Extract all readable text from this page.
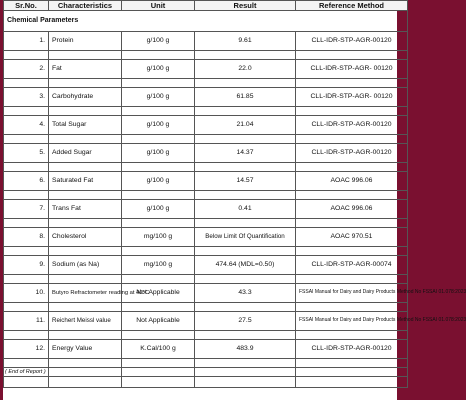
Sr.No.	Characteristics	Unit	Result	Reference Method
Chemical Parameters				
1.	Protein	g/100 g	9.61	CLL-IDR-STP-AGR-00120

2.	Fat	g/100 g	22.0	CLL-IDR-STP-AGR- 00120

3.	Carbohydrate	g/100 g	61.85	CLL-IDR-STP-AGR- 00120

4.	Total Sugar	g/100 g	21.04	CLL-IDR-STP-AGR-00120

5.	Added Sugar	g/100 g	14.37	CLL-IDR-STP-AGR-00120

6.	Saturated Fat	g/100 g	14.57	AOAC 996.06

7.	Trans Fat	g/100 g	0.41	AOAC 996.06

8.	Cholesterol	mg/100 g	Below Limit Of Quantification	AOAC 970.51

9.	Sodium (as Na)	mg/100 g	474.64 (MDL=0.50)	CLL-IDR-STP-AGR-00074

10.	Butyro Refractometer reading at 40°C	Not Applicable	43.3	FSSAI Manual for Dairy and Dairy Products Method No FSSAI 01.078:2023

11.	Reichert Meissl value	Not Applicable	27.5	FSSAI Manual for Dairy and Dairy Products Method No FSSAI 01.078:2023

12.	Energy Value	K.Cal/100 g	483.9	CLL-IDR-STP-AGR-00120

( End of Report )				
